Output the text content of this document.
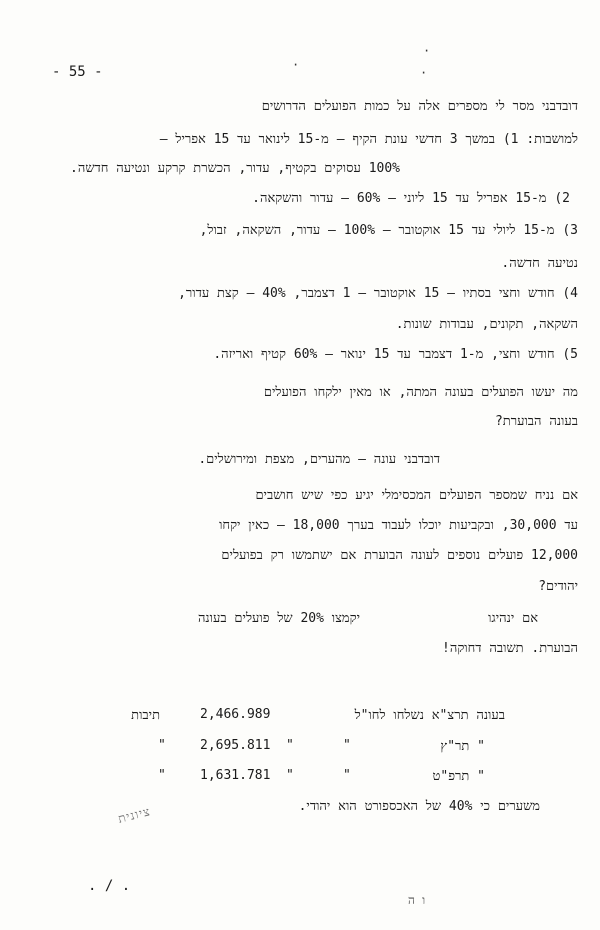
- 55 -
·
·
·
דובדבני מסר לי מספרים אלה על כמות הפועלים הדרושים
למושבות: 1) במשך 3 חדשי עונת הקיף – מ-15 לינואר עד 15 אפריל –
100% עסוקים בקטיף, עדור, הכשרת קרקע ונטיעה חדשה.
2) מ-15 אפריל עד 15 ליוני – 60% – עדור והשקאה.
3) מ-15 ליולי עד 15 אוקטובר – 100% – עדור, השקאה, זבול,
נטיעה חדשה.
4) חודש וחצי בסתיו – 15 אוקטובר – 1 דצמבר, 40% – קצת עדור,
השקאה, תקונים, עבודות שונות.
5) חודש וחצי, מ-1 דצמבר עד 15 ינואר – 60% קטיף ואריזה.
מה יעשו הפועלים בעונה המתה, או מאין ילקחו הפועלים
בעונה הבוערת?
דובדבני עונה – מהערים, מצפת ומירושלים.
אם נניח שמספר הפועלים המכסימלי יגיע כפי שיש חושבים
עד 30,000, ובקביעות יוכלו לעבוד בערך 18,000 – כאין יקחו
12,000 פועלים נוספים לעונה הבוערת אם ישתמשו רק בפועלים
יהודים?
אם ינהיגו
יקמצו 20% של פועלים בעונה
הבוערת. תשובה דחוקה!
בעונה תרצ"א נשלחו לחו"ל
2,466.989
תיבות
" תר"ץ
"
"
2,695.811
"
" תרפ"ט
"
"
1,631.781
"
משערים כי 40% של האכספורט הוא יהודי.
ציונית
. / .
ו ה
